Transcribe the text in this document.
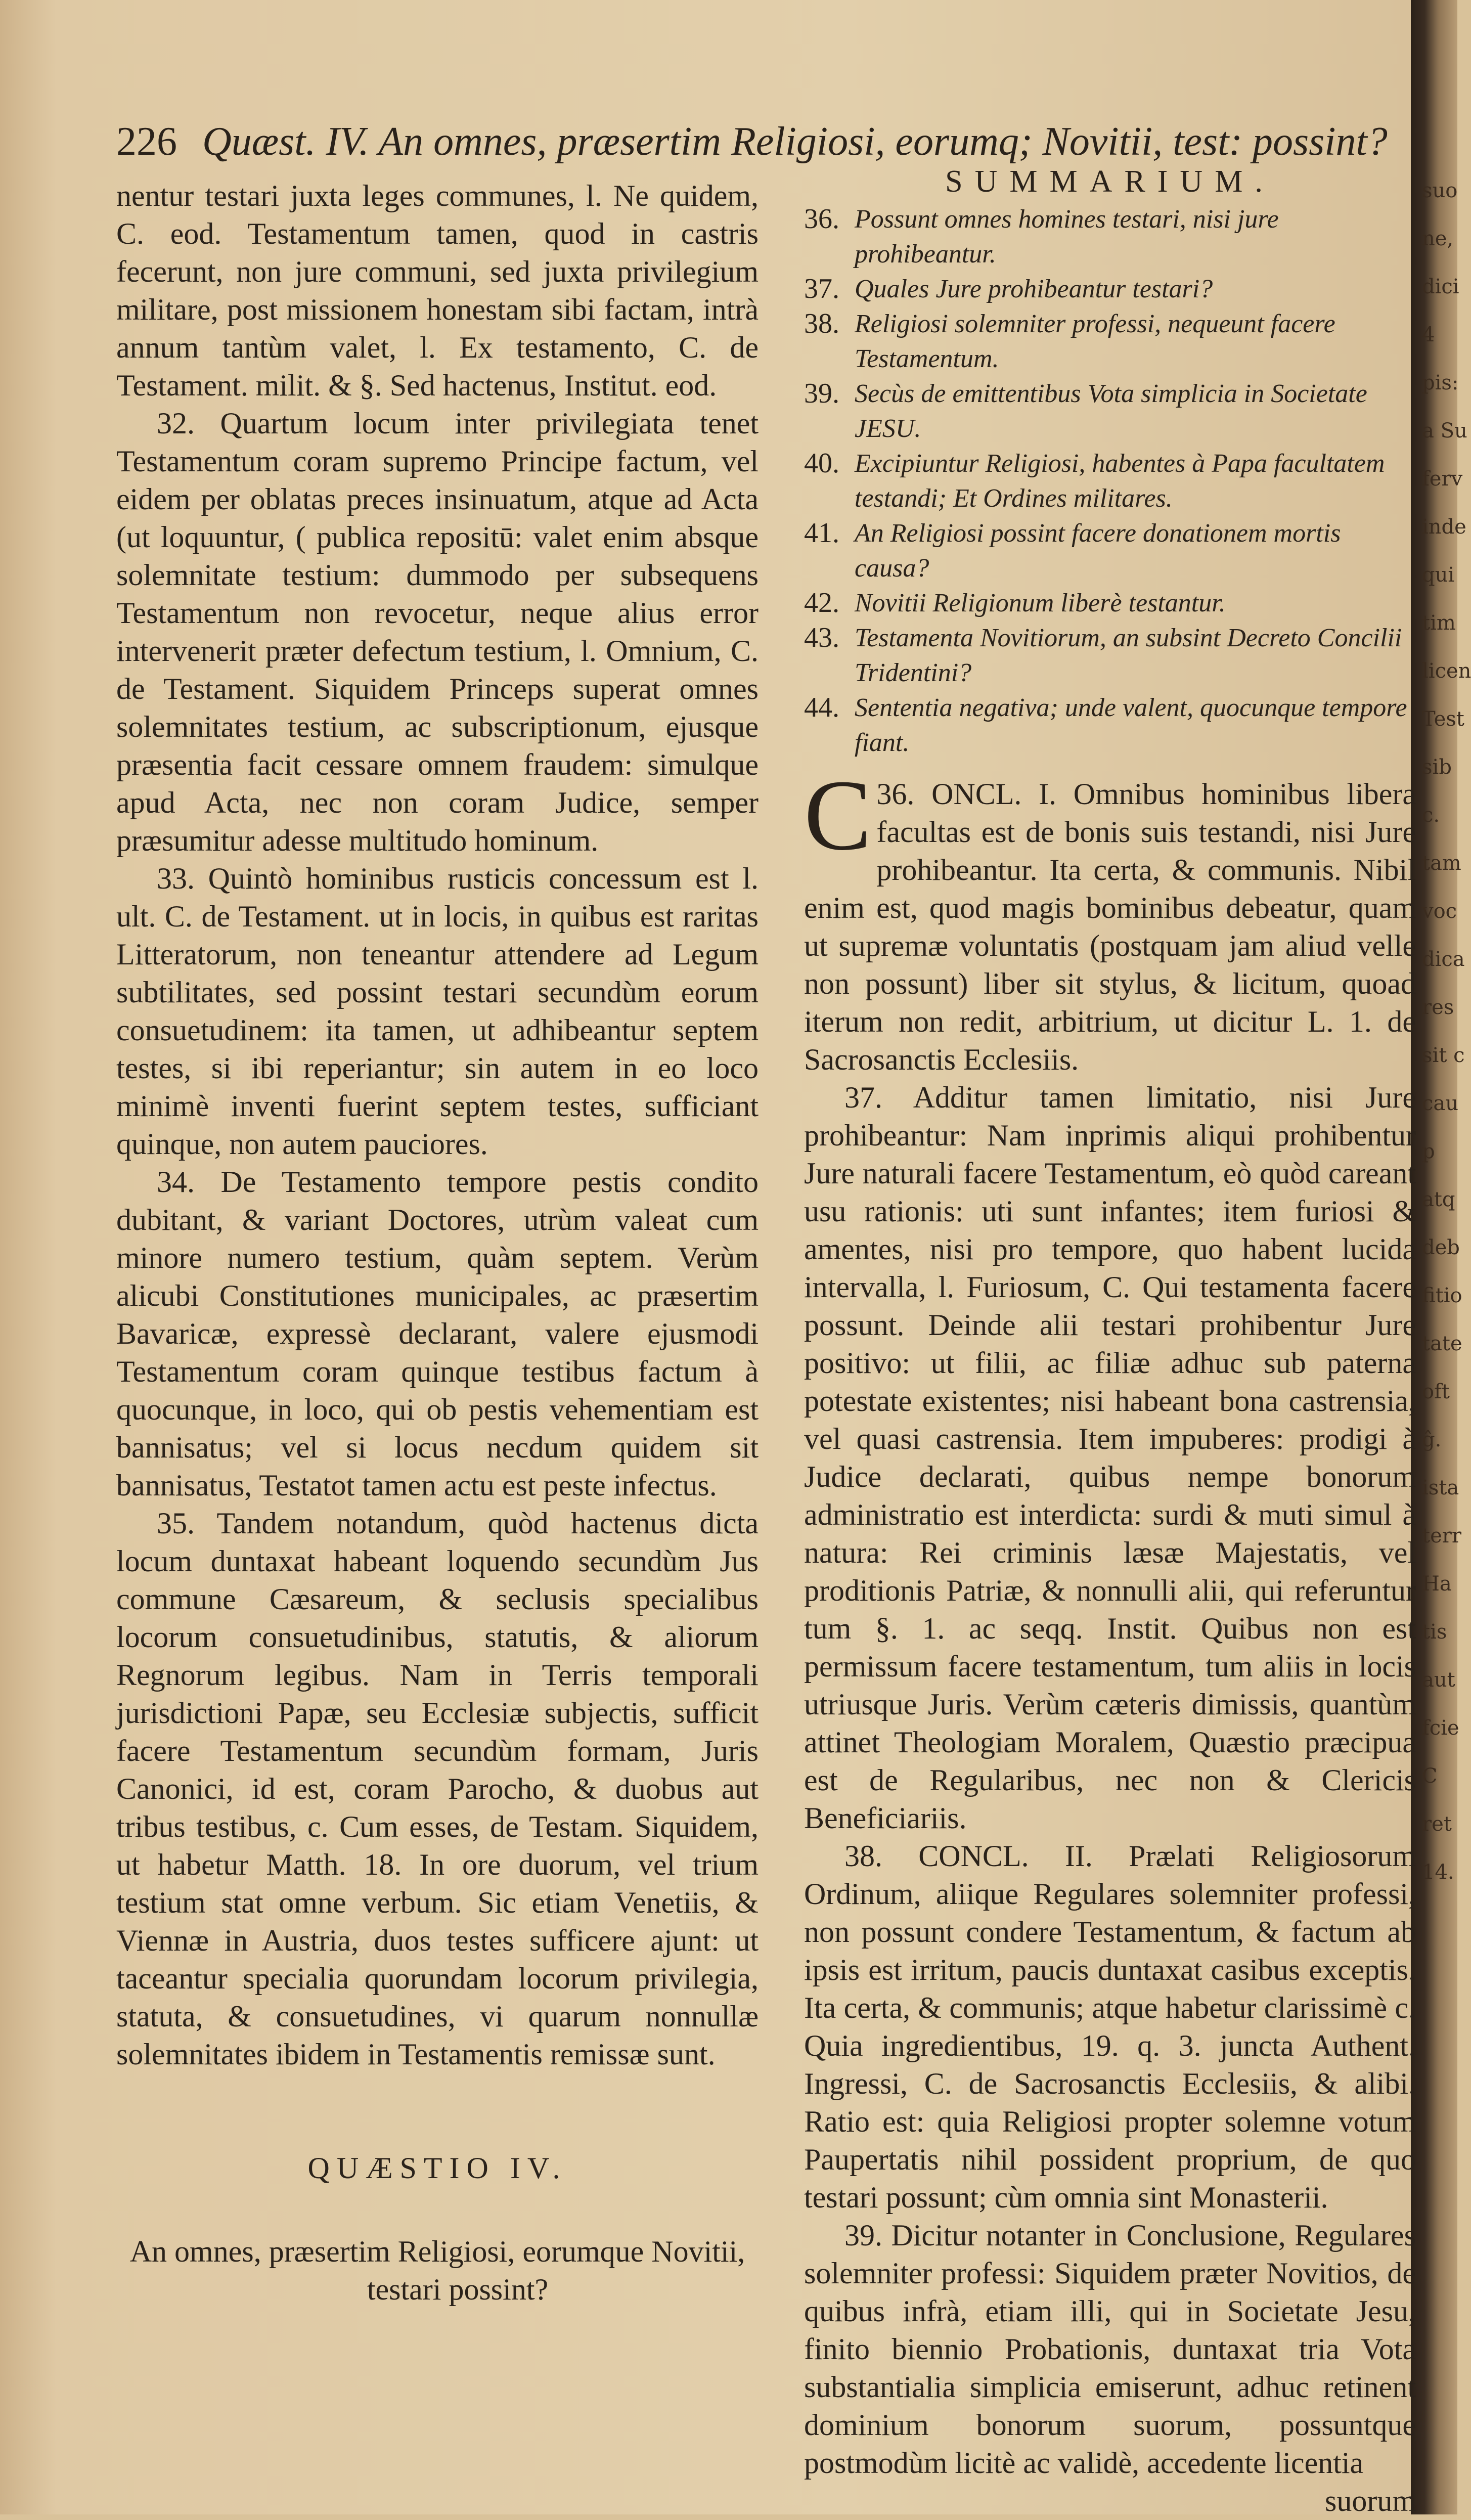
suo
ne,
dici
4
pis:
a Su
ferv
inde
qui
tim
licen
Test
sib
c.
tam
voc
dica
res
sit c
cau
p
atq
deb
fitio
tate
oft
ĝ.
ista
terr
Ha
tis
aut
fcie
C
ret
14.
226 Quæst. IV. An omnes, præsertim Religiosi, eorumq; Novitii, test: possint?

nentur testari juxta leges communes, l. Ne quidem, C. eod. Testamentum tamen, quod in castris fecerunt, non jure communi, sed juxta privilegium militare, post missionem honestam sibi factam, intrà annum tantùm valet, l. Ex testamento, C. de Testament. milit. & §. Sed hactenus, Institut. eod.

32. Quartum locum inter privilegiata tenet Testamentum coram supremo Principe factum, vel eidem per oblatas preces insinuatum, atque ad Acta (ut loquuntur, ( publica repositū: valet enim absque solemnitate testium: dummodo per subsequens Testamentum non revocetur, neque alius error intervenerit præter defectum testium, l. Omnium, C. de Testament. Siquidem Princeps superat omnes solemnitates testium, ac subscriptionum, ejusque præsentia facit cessare omnem fraudem: simulque apud Acta, nec non coram Judice, semper præsumitur adesse multitudo hominum.

33. Quintò hominibus rusticis concessum est l. ult. C. de Testament. ut in locis, in quibus est raritas Litteratorum, non teneantur attendere ad Legum subtilitates, sed possint testari secundùm eorum consuetudinem: ita tamen, ut adhibeantur septem testes, si ibi reperiantur; sin autem in eo loco minimè inventi fuerint septem testes, sufficiant quinque, non autem pauciores.

34. De Testamento tempore pestis condito dubitant, & variant Doctores, utrùm valeat cum minore numero testium, quàm septem. Verùm alicubi Constitutiones municipales, ac præsertim Bavaricæ, expressè declarant, valere ejusmodi Testamentum coram quinque testibus factum à quocunque, in loco, qui ob pestis vehementiam est bannisatus; vel si locus necdum quidem sit bannisatus, Testatot tamen actu est peste infectus.

35. Tandem notandum, quòd hactenus dicta locum duntaxat habeant loquendo secundùm Jus commune Cæsareum, & seclusis specialibus locorum consuetudinibus, statutis, & aliorum Regnorum legibus. Nam in Terris temporali jurisdictioni Papæ, seu Ecclesiæ subjectis, sufficit facere Testamentum secundùm formam, Juris Canonici, id est, coram Parocho, & duobus aut tribus testibus, c. Cum esses, de Testam. Siquidem, ut habetur Matth. 18. In ore duorum, vel trium testium stat omne verbum. Sic etiam Venetiis, & Viennæ in Austria, duos testes sufficere ajunt: ut taceantur specialia quorundam locorum privilegia, statuta, & consuetudines, vi quarum nonnullæ solemnitates ibidem in Testamentis remissæ sunt.

QUÆSTIO IV.

An omnes, præsertim Religiosi, eorumque Novitii, testari possint?

SUMMARIUM.

36. Possunt omnes homines testari, nisi jure prohibeantur.
37. Quales Jure prohibeantur testari?
38. Religiosi solemniter professi, nequeunt facere Testamentum.
39. Secùs de emittentibus Vota simplicia in Societate JESU.
40. Excipiuntur Religiosi, habentes à Papa facultatem testandi; Et Ordines militares.
41. An Religiosi possint facere donationem mortis causa?
42. Novitii Religionum liberè testantur.
43. Testamenta Novitiorum, an subsint Decreto Concilii Tridentini?
44. Sententia negativa; unde valent, quocunque tempore fiant.

36.
C ONCL. I. Omnibus hominibus libera facultas est de bonis suis testandi, nisi Jure prohibeantur. Ita certa, & communis. Nibil enim est, quod magis bominibus debeatur, quam ut supremæ voluntatis (postquam jam aliud velle non possunt) liber sit stylus, & licitum, quoad iterum non redit, arbitrium, ut dicitur L. 1. de Sacrosanctis Ecclesiis.

37. Additur tamen limitatio, nisi Jure prohibeantur: Nam inprimis aliqui prohibentur Jure naturali facere Testamentum, eò quòd careant usu rationis: uti sunt infantes; item furiosi & amentes, nisi pro tempore, quo habent lucida intervalla, l. Furiosum, C. Qui testamenta facere possunt. Deinde alii testari prohibentur Jure positivo: ut filii, ac filiæ adhuc sub paterna potestate existentes; nisi habeant bona castrensia, vel quasi castrensia. Item impuberes: prodigi à Judice declarati, quibus nempe bonorum administratio est interdicta: surdi & muti simul à natura: Rei criminis læsæ Majestatis, vel proditionis Patriæ, & nonnulli alii, qui referuntur tum §. 1. ac seqq. Instit. Quibus non est permissum facere testamentum, tum aliis in locis utriusque Juris. Verùm cæteris dimissis, quantùm attinet Theologiam Moralem, Quæstio præcipua est de Regularibus, nec non & Clericis Beneficiariis.

38. CONCL. II. Prælati Religiosorum Ordinum, aliique Regulares solemniter professi, non possunt condere Testamentum, & factum ab ipsis est irritum, paucis duntaxat casibus exceptis. Ita certa, & communis; atque habetur clarissimè c. Quia ingredientibus, 19. q. 3. juncta Authent. Ingressi, C. de Sacrosanctis Ecclesiis, & alibi. Ratio est: quia Religiosi propter solemne votum Paupertatis nihil possident proprium, de quo testari possunt; cùm omnia sint Monasterii.

39. Dicitur notanter in Conclusione, Regulares solemniter professi: Siquidem præter Novitios, de quibus infrà, etiam illi, qui in Societate Jesu, finito biennio Probationis, duntaxat tria Vota substantialia simplicia emiserunt, adhuc retinent dominium bonorum suorum, possuntque postmodùm licitè ac validè, accedente licentia

suorum
